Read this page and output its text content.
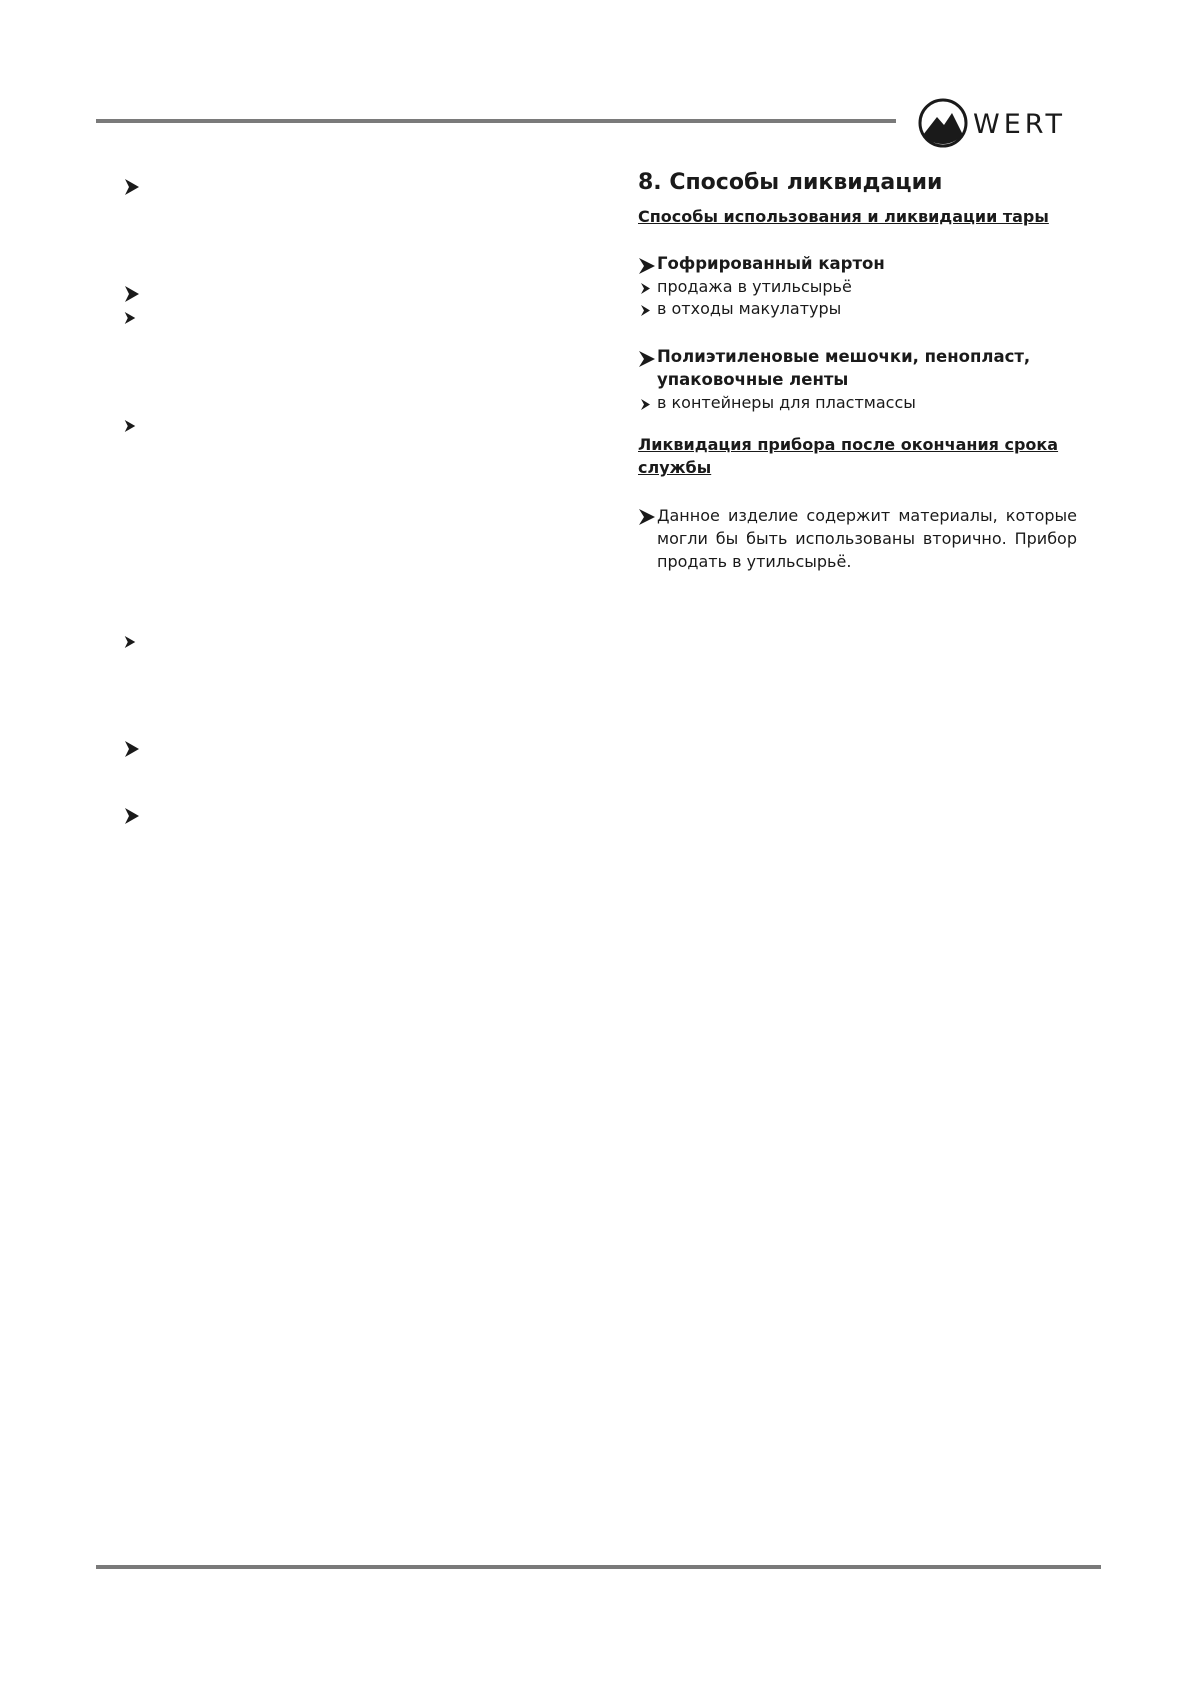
WERT
8. Способы ликвидации

Способы использования и ликвидации тары

Гофрированный картон

продажа в утильсырьё

в отходы макулатуры

Полиэтиленовые мешочки, пенопласт,

упаковочные ленты

в контейнеры для пластмассы

Ликвидация прибора после окончания срока

службы

Данное изделие содержит материалы, которые могли бы быть использованы вторично. Прибор продать в утильсырьё.
